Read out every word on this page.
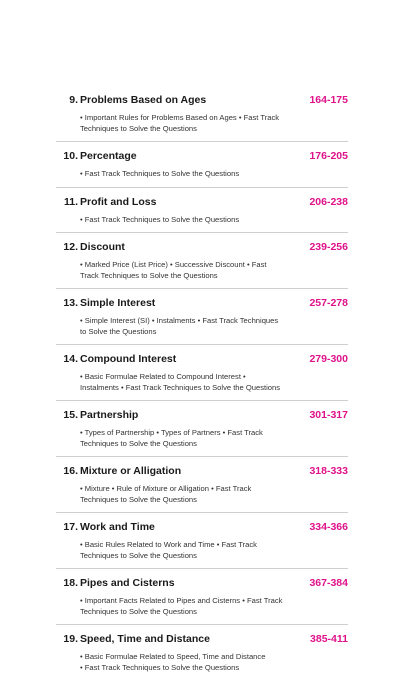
9. Problems Based on Ages	164-175
• Important Rules for Problems Based on Ages • Fast Track Techniques to Solve the Questions
10. Percentage	176-205
• Fast Track Techniques to Solve the Questions
11. Profit and Loss	206-238
• Fast Track Techniques to Solve the Questions
12. Discount	239-256
• Marked Price (List Price) • Successive Discount • Fast Track Techniques to Solve the Questions
13. Simple Interest	257-278
• Simple Interest (SI) • Instalments • Fast Track Techniques to Solve the Questions
14. Compound Interest	279-300
• Basic Formulae Related to Compound Interest • Instalments • Fast Track Techniques to Solve the Questions
15. Partnership	301-317
• Types of Partnership • Types of Partners • Fast Track Techniques to Solve the Questions
16. Mixture or Alligation	318-333
• Mixture • Rule of Mixture or Alligation • Fast Track Techniques to Solve the Questions
17. Work and Time	334-366
• Basic Rules Related to Work and Time • Fast Track Techniques to Solve the Questions
18. Pipes and Cisterns	367-384
• Important Facts Related to Pipes and Cisterns • Fast Track Techniques to Solve the Questions
19. Speed, Time and Distance	385-411
• Basic Formulae Related to Speed, Time and Distance
• Fast Track Techniques to Solve the Questions
